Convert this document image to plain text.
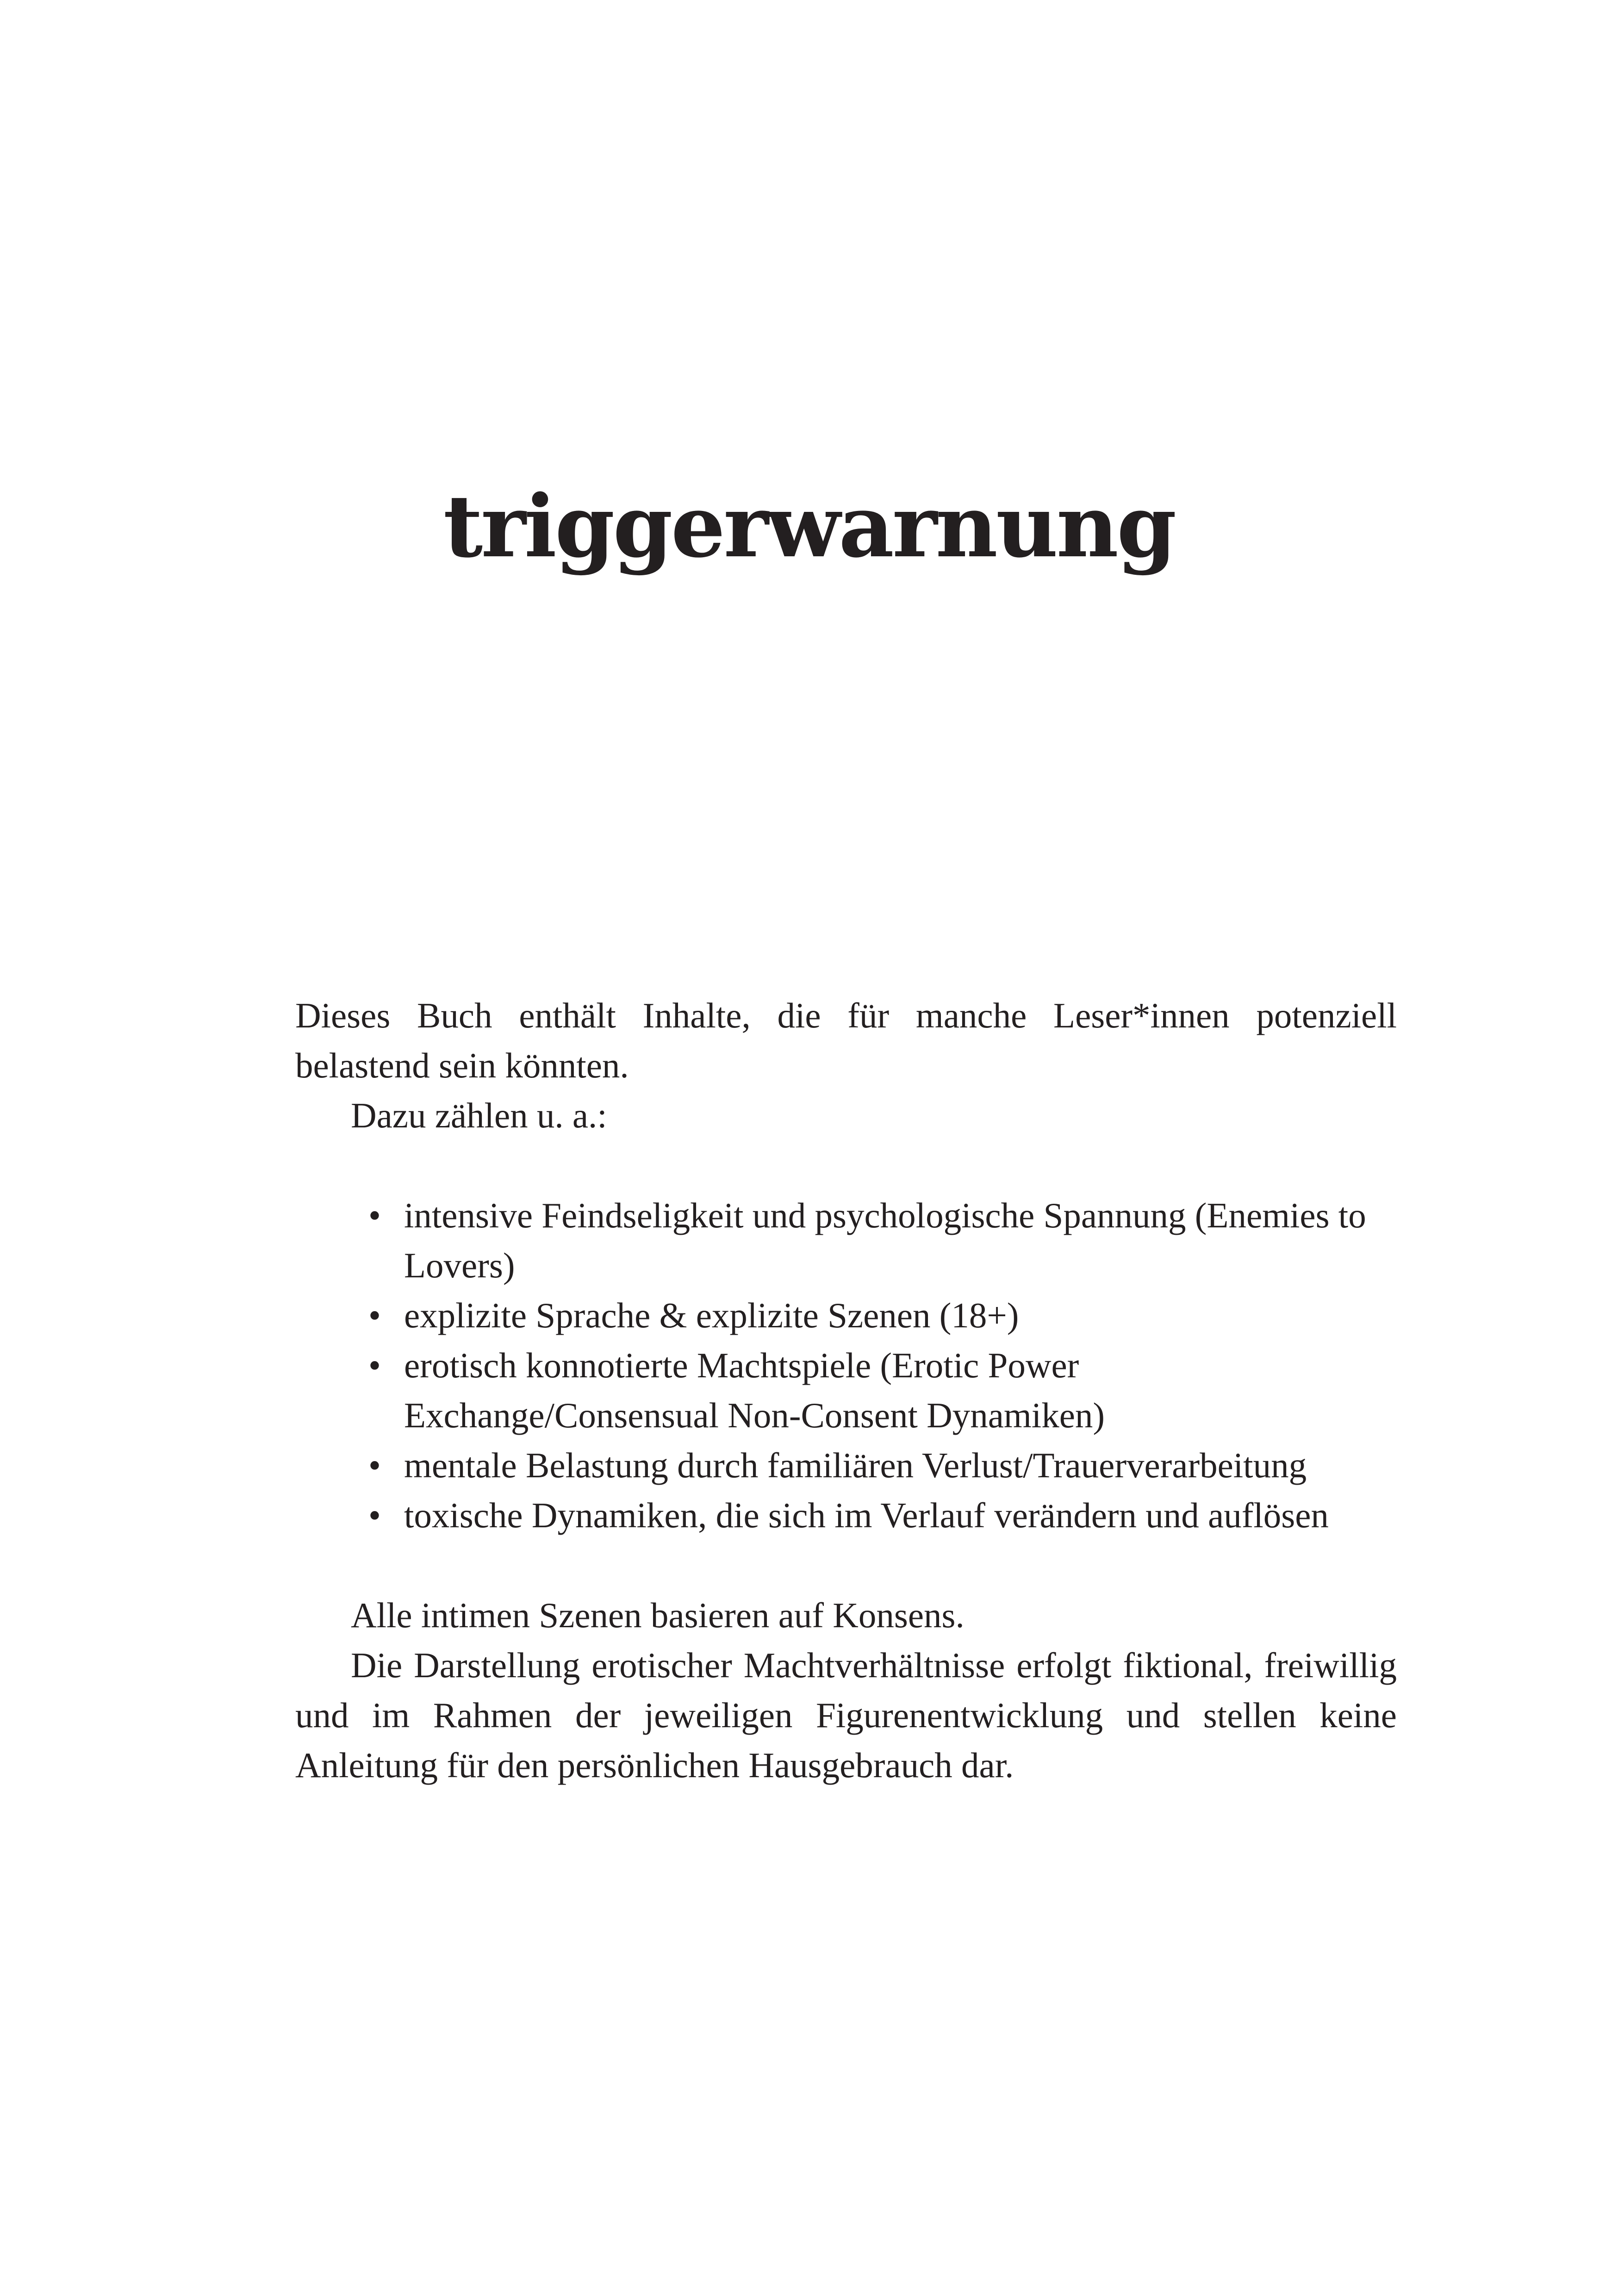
triggerwarnung

Dieses Buch enthält Inhalte, die für manche Leser*innen potenziell belastend sein könnten.

Dazu zählen u. a.:

• intensive Feindseligkeit und psychologische Spannung (Enemies to Lovers)
• explizite Sprache & explizite Szenen (18+)
• erotisch konnotierte Machtspiele (Erotic Power Exchange/Consensual Non-Consent Dynamiken)
• mentale Belastung durch familiären Verlust/Trauerverarbeitung
• toxische Dynamiken, die sich im Verlauf verändern und auflösen

Alle intimen Szenen basieren auf Konsens.

Die Darstellung erotischer Machtverhältnisse erfolgt fiktional, freiwillig und im Rahmen der jeweiligen Figurenentwicklung und stellen keine Anleitung für den persönlichen Hausgebrauch dar.
